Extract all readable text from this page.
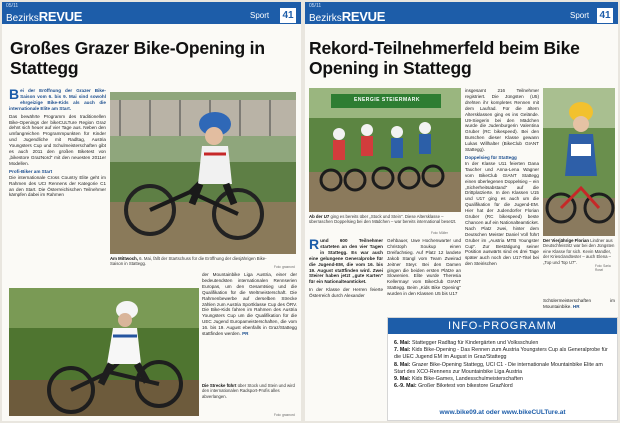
05/11
BezirksREVUE	Sport 41
Großes Grazer Bike-Opening in Stattegg

Bei der Eröffnung der Grazer Bike-Saison vom 6. bis 9. Mai sind sowohl ehrgeizige Bike-Kids als auch die internationale Elite am Start.

Das bewährte Programm des traditionellen Bike-Openings der bikeCULTure Region Graz dehnt sich heuer auf vier Tage aus. Neben den umfangreichen Programmpunkten für Kinder und Jugendliche mit Radltag, Austria Youngsters Cup und Schulmeisterschaften gibt es auch 2011 den großen Biketest von „bikestore GrazNord" mit den neuesten 2011er Modellen.

Profi-Biker am Start

Die internationale Cross Country Elite geht im Rahmen des UCI Rennens der Kategorie C1 an den Start. Die Österreichischen Teilnehmer kämpfen dabei im Rahmen

Am Mittwoch, 6. Mai, fällt der Startschuss für die Eröffnung der diesjährigen Bike-Saison in Stattegg.
Foto: graznord

der Mountainbike Liga Austria, einer der bedeutendsten internationalen Rennserien Europas, um den Gesamtsieg und die Qualifikation für die Weltmeisterschaft. Die Rahmenbewerbe auf derselben Strecke zählen zum Austria Sportklasse Cup des ÖRV. Die Bike-Kids fahren im Rahmen des Austria Youngsters Cup um die Qualifikation für die UEC Jugend Europameisterschaften, die vom 16. bis 19. August ebenfalls in Graz/Stattegg stattfinden werden. PR

Die Strecke führt über Stock und Stein und wird den internationalen Radsport-Profis alles abverlangen.
Foto: graznord
05/11
BezirksREVUE	Sport 41
Rekord-Teilnehmerfeld beim Bike Opening in Stattegg
ENERGIE STEIERMARK
Ab der U7 ging es bereits über „Stock und Stein". Diese Altersklasse – überraschen Doppelsieg bei den Mädchen – war bereits international besetzt.
Foto: Müller

Rund 600 Teilnehmer starteten an den vier Tagen in Stattegg. Es war auch eine gelungene Generalprobe für die Jugend-EM, die vom 16. bis 19. August stattfinden wird. Zwei Steirer haben jetzt „gute Karten" für ein Nationalteamticket.

In der Klasse der Herren feierte Österreich durch Alexander

Gehbauer, Uwe Hochenwarter und Christoph Soukup einen Dreifachsieg. Auf Platz 12 landete Jakob Stangl vom Team Zweirad Jeitner Steyr. Bei den Damen gingen die beiden ersten Plätze an Slowenien. Elite wurde Theresia Kellermayr vom BikeClub GIANT Stattegg. Beim „Kids Bike Opening" wurden in den Klassen U5 bis U17

insgesamt 216 Teilnehmer registriert. Die Jüngsten (U5) drehten ihr kompletes Rennen mit dem Laufrad. Für die ältern Altersklassen ging es ins Gelände. U9-Siegerin bei den Mädchen wurde die Judenburgerin Valentina Gruber (RC bikespeed). Bei den Burschen dieser Klasse gewann Lukas Willhalter (BikeClub GIANT Stattegg).

Doppelsieg für Stattegg

In der Klasse U11 feierten Dana Taucher und Anna-Lena Wagner vom BikeClub GIANT Stattegg einen überlegenen Doppelsieg – ein „Sicherheitsabstand" auf die Drittplatzierte. In den Klassen U15 und U17 ging es auch um die Qualifikation für die Jugend-EM. Hier hat der Judendorfer Florian Gruber (RC bikespeed) beste Chancen auf ein Nationalteamticket. Nach Platz zwei, hinter dem Deutschen Meister Daniel Voll führt Gruber im „Austria MTB Youngster Cup". Zur Bestätigung seiner Position auswärts sind es drei Tage später auch noch den U17-Titel bei den Steirischen

Der Vierjährige Florian Lindner aus Deutschfeistritz war bei den Jüngsten eine Klasse für sich. Kevin Mandler, der Kriesclandtester – auch Elena – „Top und Top U7".
Foto: Saria Rosel
Schülermeisterschaften im Mountainbike. HR
INFO-PROGRAMM
6. Mai: Stattegger Radltag für Kindergärten und Volksschulen
7. Mai: Kids Bike-Opening - Das Rennen zum Austria Youngsters Cup als Generalprobe für die UEC Jugend EM im August in Graz/Stattegg
8. Mai: Grazer Bike-Opening Stattegg, UCI C1 - Die internationale Mountainbike Elite am Start des XCO-Rennens zur Mountainbike Liga Austria
9. Mai: Kids Bike-Games, Landesschulmeisterschaften
6.-9. Mai: Großer Biketest von bikestore GrazNord
www.bike09.at oder www.bikeCULTure.at
